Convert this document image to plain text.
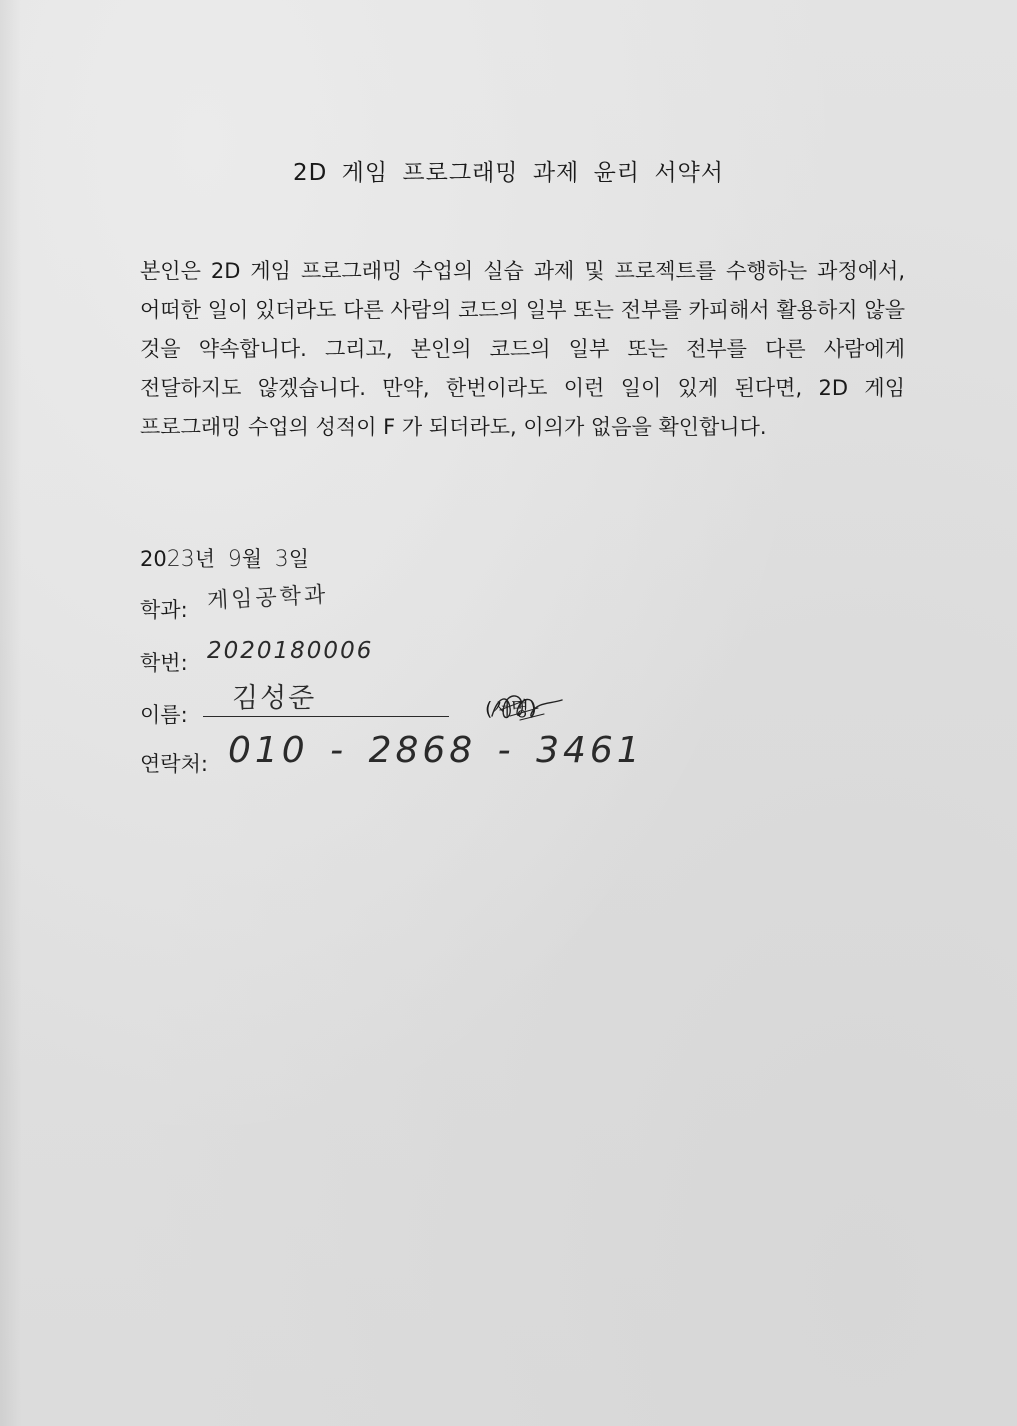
2D 게임 프로그래밍 과제 윤리 서약서

본인은 2D 게임 프로그래밍 수업의 실습 과제 및 프로젝트를 수행하는 과정에서, 어떠한 일이 있더라도 다른 사람의 코드의 일부 또는 전부를 카피해서 활용하지 않을 것을 약속합니다. 그리고, 본인의 코드의 일부 또는 전부를 다른 사람에게 전달하지도 않겠습니다. 만약, 한번이라도 이런 일이 있게 된다면, 2D 게임 프로그래밍 수업의 성적이 F 가 되더라도, 이의가 없음을 확인합니다.

2023년 9월 3일
학과: 게임공학과
학번: 2020180006
이름:
김성준	(서명)
연락처: 010 - 2868 - 3461
